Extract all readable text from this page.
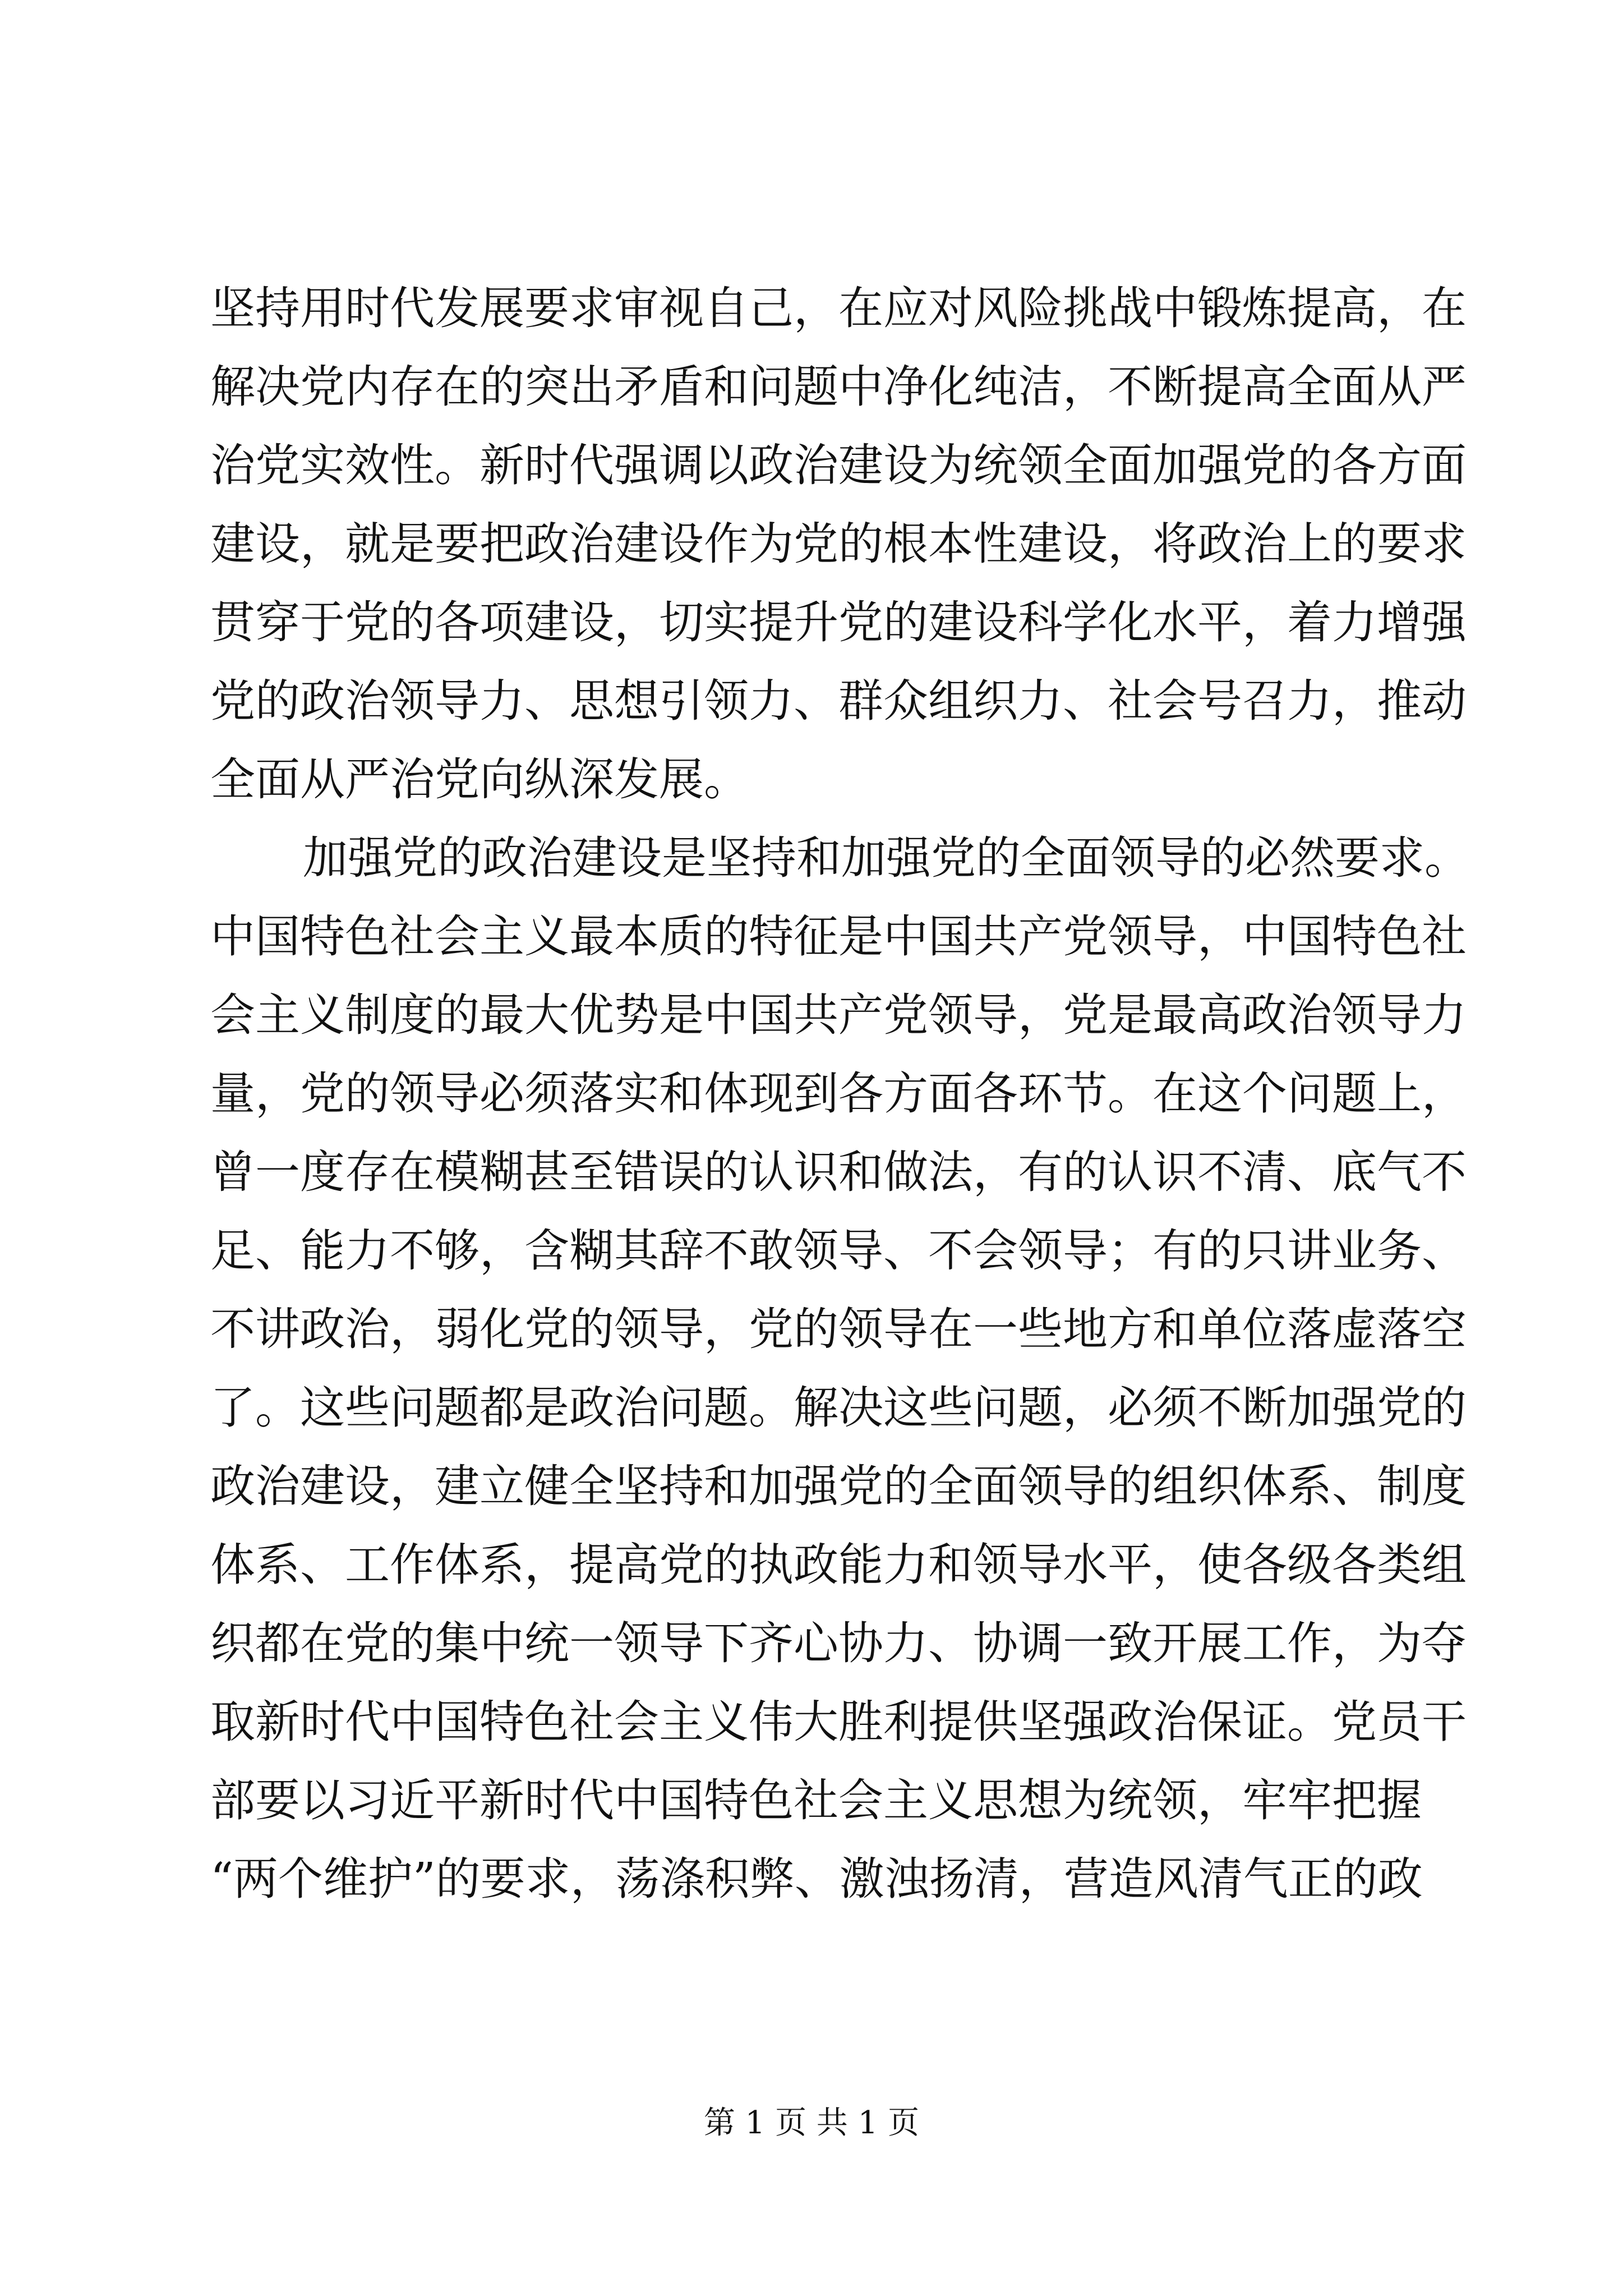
坚持用时代发展要求审视自己，在应对风险挑战中锻炼提高，在
解决党内存在的突出矛盾和问题中净化纯洁，不断提高全面从严
治党实效性。新时代强调以政治建设为统领全面加强党的各方面
建设，就是要把政治建设作为党的根本性建设，将政治上的要求
贯穿于党的各项建设，切实提升党的建设科学化水平，着力增强
党的政治领导力、思想引领力、群众组织力、社会号召力，推动
全面从严治党向纵深发展。
加强党的政治建设是坚持和加强党的全面领导的必然要求。
中国特色社会主义最本质的特征是中国共产党领导，中国特色社
会主义制度的最大优势是中国共产党领导，党是最高政治领导力
量，党的领导必须落实和体现到各方面各环节。在这个问题上，
曾一度存在模糊甚至错误的认识和做法，有的认识不清、底气不
足、能力不够，含糊其辞不敢领导、不会领导；有的只讲业务、
不讲政治，弱化党的领导，党的领导在一些地方和单位落虚落空
了。这些问题都是政治问题。解决这些问题，必须不断加强党的
政治建设，建立健全坚持和加强党的全面领导的组织体系、制度
体系、工作体系，提高党的执政能力和领导水平，使各级各类组
织都在党的集中统一领导下齐心协力、协调一致开展工作，为夺
取新时代中国特色社会主义伟大胜利提供坚强政治保证。党员干
部要以习近平新时代中国特色社会主义思想为统领，牢牢把握
“两个维护”的要求，荡涤积弊、激浊扬清，营造风清气正的政
第 1 页 共 1 页
